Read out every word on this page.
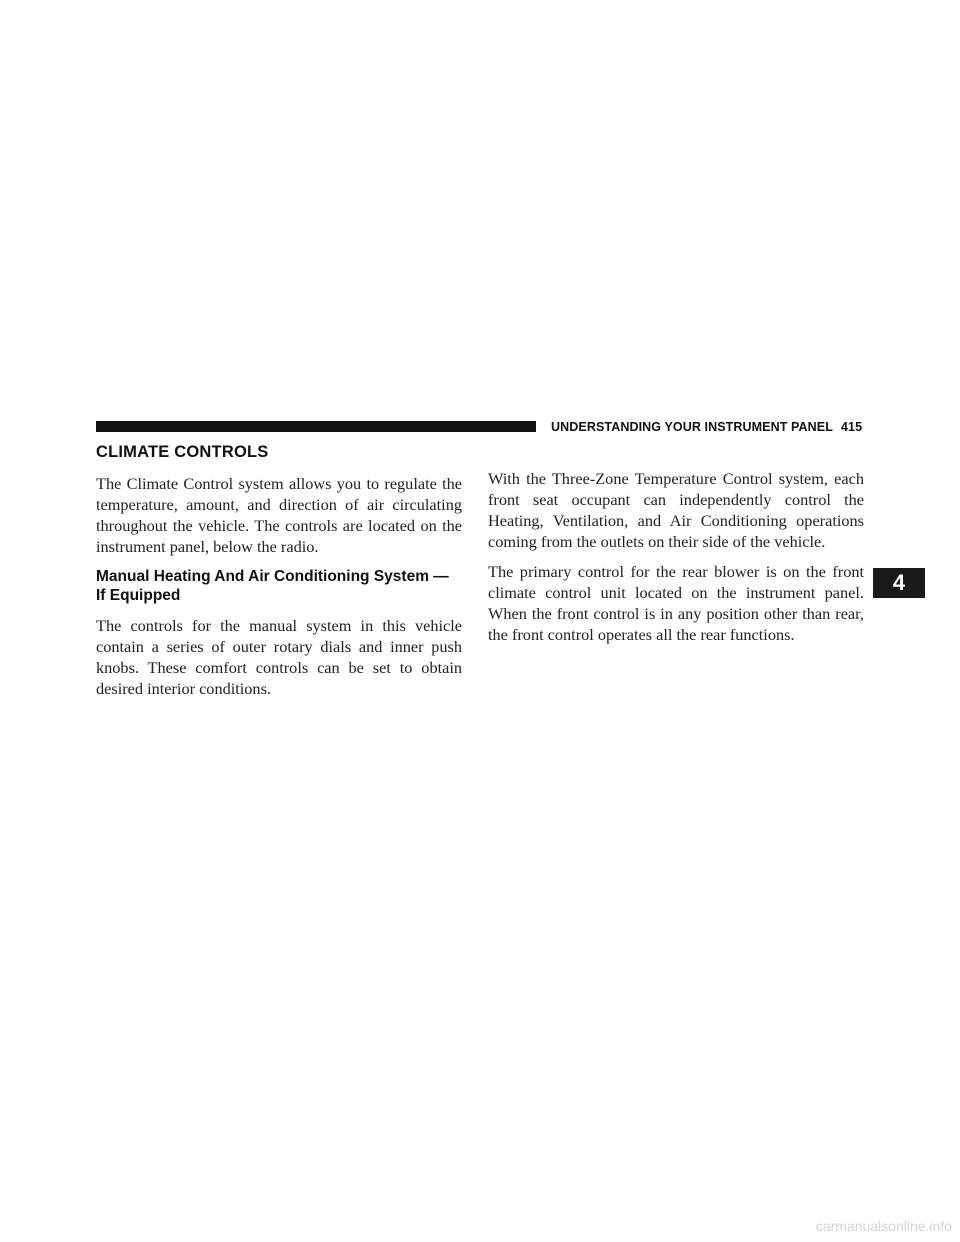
UNDERSTANDING YOUR INSTRUMENT PANEL 415
CLIMATE CONTROLS

The Climate Control system allows you to regulate the temperature, amount, and direction of air circulating throughout the vehicle. The controls are located on the instrument panel, below the radio.

Manual Heating And Air Conditioning System —
If Equipped

The controls for the manual system in this vehicle contain a series of outer rotary dials and inner push knobs. These comfort controls can be set to obtain desired interior conditions.

With the Three-Zone Temperature Control system, each front seat occupant can independently control the Heating, Ventilation, and Air Conditioning operations coming from the outlets on their side of the vehicle.

The primary control for the rear blower is on the front climate control unit located on the instrument panel. When the front control is in any position other than rear, the front control operates all the rear functions.

4
carmanualsonline.info
